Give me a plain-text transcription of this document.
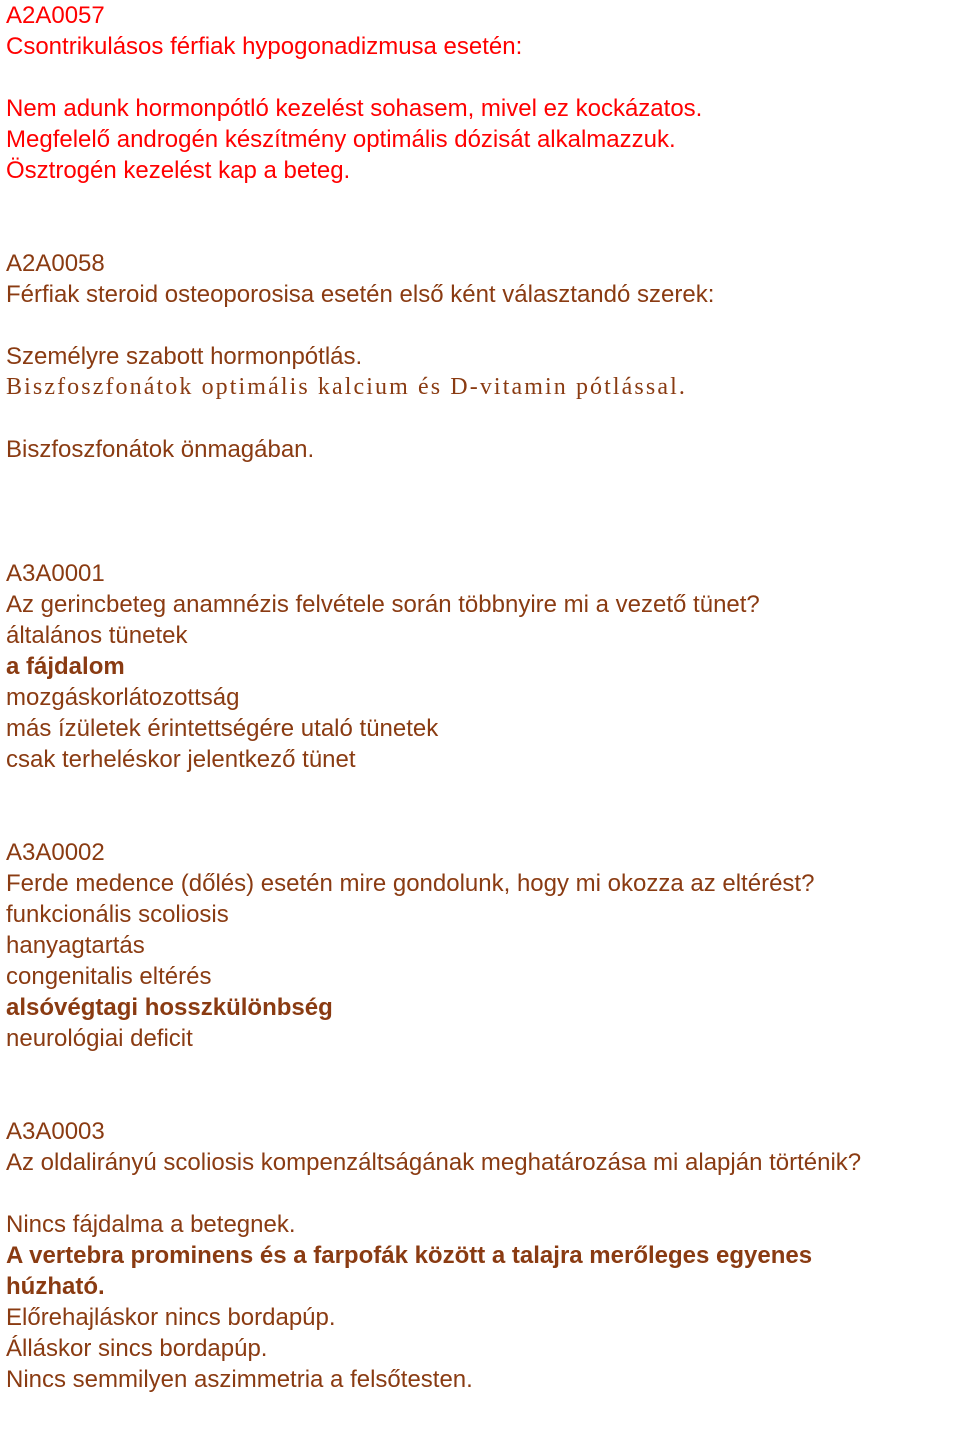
A2A0057
Csontrikulásos férfiak hypogonadizmusa esetén:
Nem adunk hormonpótló kezelést sohasem, mivel ez kockázatos.
Megfelelő androgén készítmény optimális dózisát alkalmazzuk.
Ösztrogén kezelést kap a beteg.
A2A0058
Férfiak steroid osteoporosisa esetén első ként választandó szerek:
Személyre szabott hormonpótlás.
Biszfoszfonátok optimális kalcium és D-vitamin pótlással.
Biszfoszfonátok önmagában.
A3A0001
Az gerincbeteg anamnézis felvétele során többnyire mi a vezető tünet?
általános tünetek
a fájdalom
mozgáskorlátozottság
más ízületek érintettségére utaló tünetek
csak terheléskor jelentkező tünet
A3A0002
Ferde medence (dőlés) esetén mire gondolunk, hogy mi okozza az eltérést?
funkcionális scoliosis
hanyagtartás
congenitalis eltérés
alsóvégtagi hosszkülönbség
neurológiai deficit
A3A0003
Az oldalirányú scoliosis kompenzáltságának meghatározása mi alapján történik?
Nincs fájdalma a betegnek.
A vertebra prominens és a farpofák között a talajra merőleges egyenes
húzható.
Előrehajláskor nincs bordapúp.
Álláskor sincs bordapúp.
Nincs semmilyen aszimmetria a felsőtesten.
